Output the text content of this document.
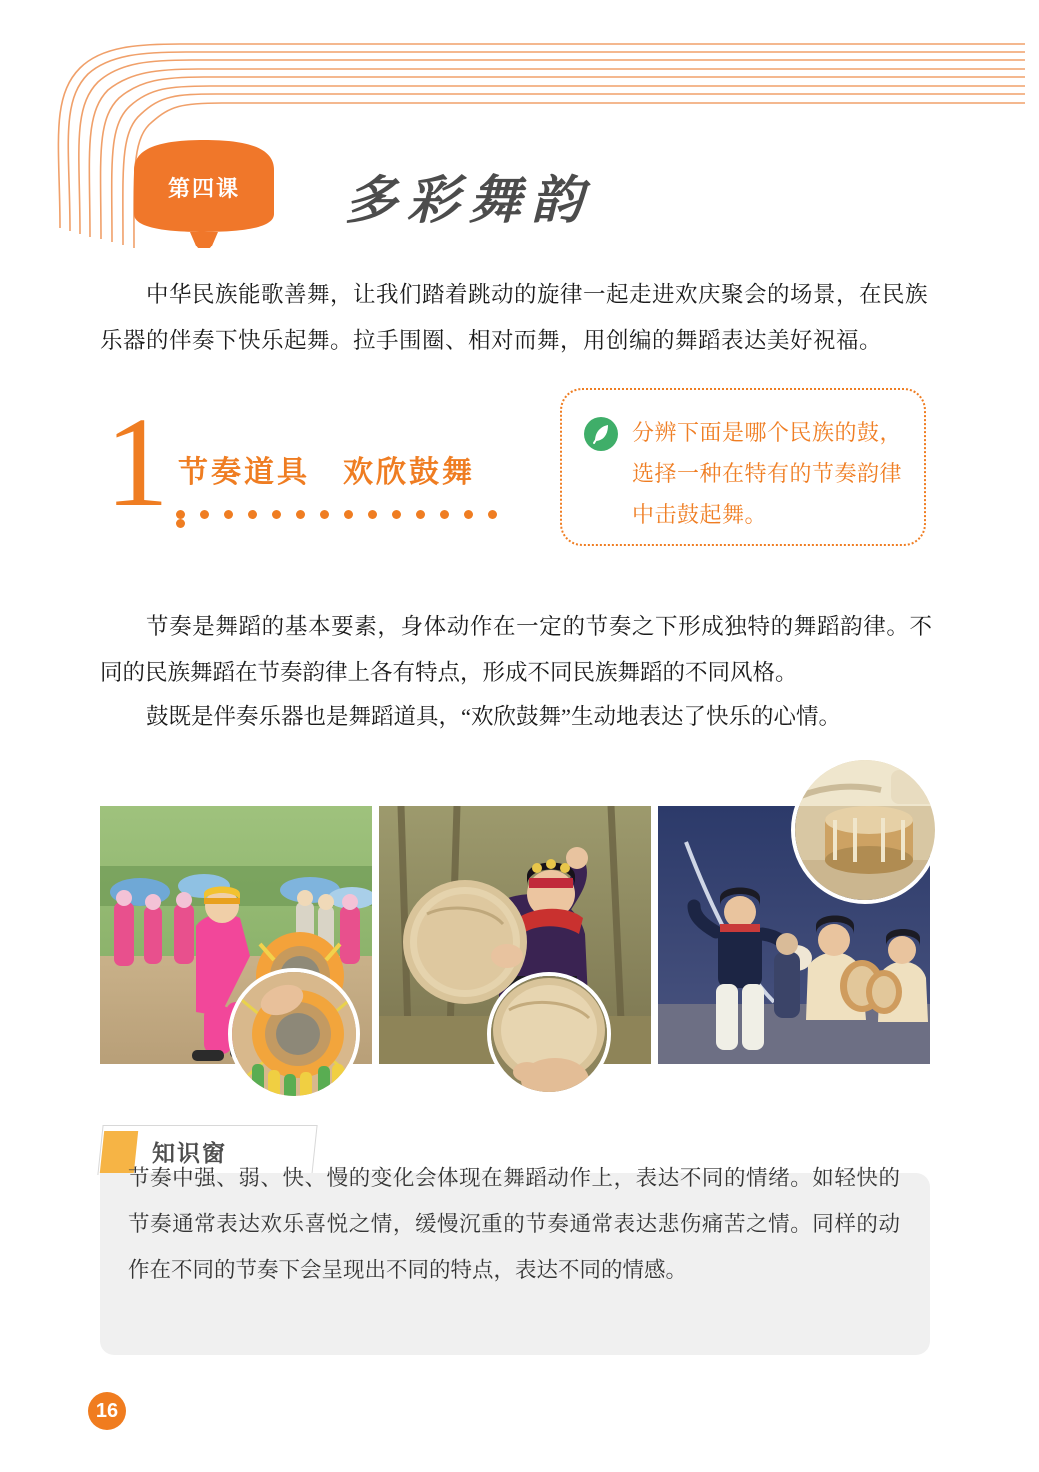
第四课	多彩舞韵
中华民族能歌善舞，让我们踏着跳动的旋律一起走进欢庆聚会的场景，在民族乐器的伴奏下快乐起舞。拉手围圈、相对而舞，用创编的舞蹈表达美好祝福。
1 节奏道具　欢欣鼓舞
分辨下面是哪个民族的鼓，选择一种在特有的节奏韵律中击鼓起舞。
节奏是舞蹈的基本要素，身体动作在一定的节奏之下形成独特的舞蹈韵律。不同的民族舞蹈在节奏韵律上各有特点，形成不同民族舞蹈的不同风格。
鼓既是伴奏乐器也是舞蹈道具，“欢欣鼓舞”生动地表达了快乐的心情。
知识窗
节奏中强、弱、快、慢的变化会体现在舞蹈动作上，表达不同的情绪。如轻快的节奏通常表达欢乐喜悦之情，缓慢沉重的节奏通常表达悲伤痛苦之情。同样的动作在不同的节奏下会呈现出不同的特点，表达不同的情感。
16
